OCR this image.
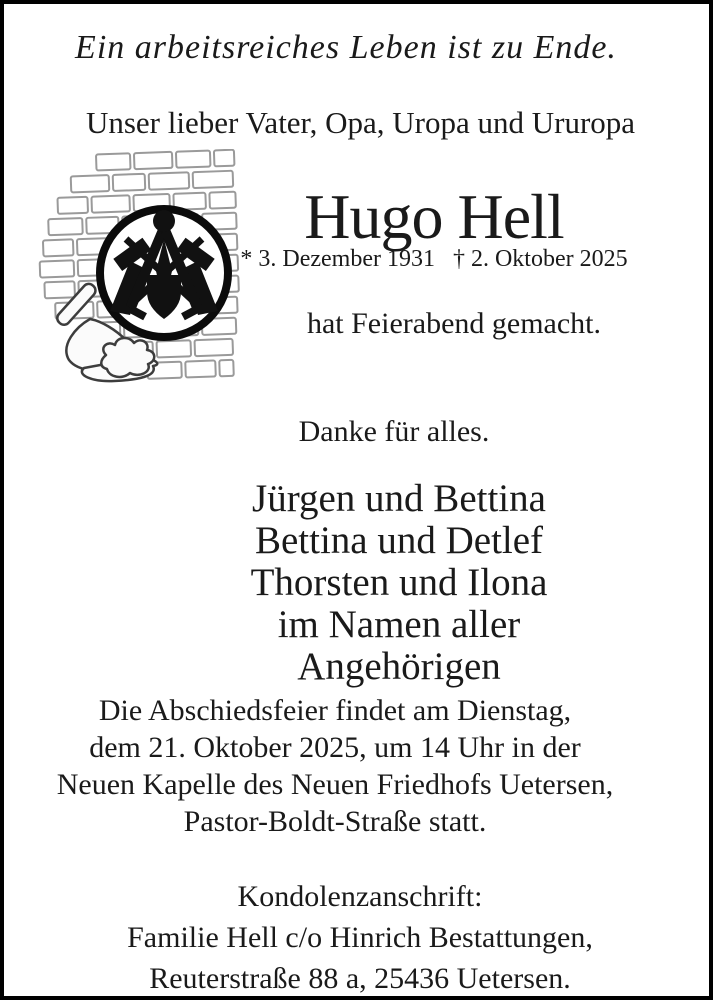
Ein arbeitsreiches Leben ist zu Ende.
Unser lieber Vater, Opa, Uropa und Ururopa
Hugo Hell
* 3. Dezember 1931 † 2. Oktober 2025
hat Feierabend gemacht.
Danke für alles.
Jürgen und Bettina
Bettina und Detlef
Thorsten und Ilona
im Namen aller Angehörigen
Die Abschiedsfeier findet am Dienstag,
dem 21. Oktober 2025, um 14 Uhr in der
Neuen Kapelle des Neuen Friedhofs Uetersen,
Pastor-Boldt-Straße statt.
Kondolenzanschrift:
Familie Hell c/o Hinrich Bestattungen,
Reuterstraße 88 a, 25436 Uetersen.
